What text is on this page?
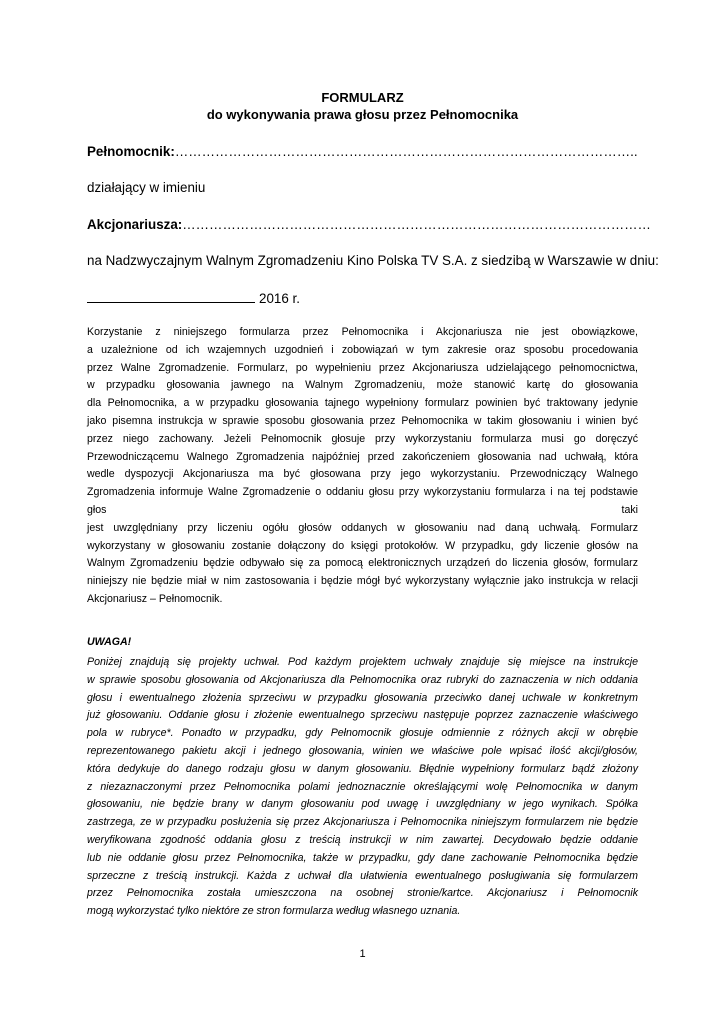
FORMULARZ
do wykonywania prawa głosu przez Pełnomocnika
Pełnomocnik:…………………………………………………………………………………………..
działający w imieniu
Akcjonariusza:……………………………………………………………………………………………
na Nadzwyczajnym Walnym Zgromadzeniu Kino Polska TV S.A. z siedzibą w Warszawie w dniu:
2016 r.
Korzystanie z niniejszego formularza przez Pełnomocnika i Akcjonariusza nie jest obowiązkowe,
a uzależnione od ich wzajemnych uzgodnień i zobowiązań w tym zakresie oraz sposobu procedowania
przez Walne Zgromadzenie. Formularz, po wypełnieniu przez Akcjonariusza udzielającego pełnomocnictwa,
w przypadku głosowania jawnego na Walnym Zgromadzeniu, może stanowić kartę do głosowania
dla Pełnomocnika, a w przypadku głosowania tajnego wypełniony formularz powinien być traktowany jedynie
jako pisemna instrukcja w sprawie sposobu głosowania przez Pełnomocnika w takim głosowaniu i winien być
przez niego zachowany. Jeżeli Pełnomocnik głosuje przy wykorzystaniu formularza musi go doręczyć
Przewodniczącemu Walnego Zgromadzenia najpóźniej przed zakończeniem głosowania nad uchwałą, która
wedle dyspozycji Akcjonariusza ma być głosowana przy jego wykorzystaniu. Przewodniczący Walnego
Zgromadzenia informuje Walne Zgromadzenie o oddaniu głosu przy wykorzystaniu formularza i na tej podstawie
głos taki
jest uwzględniany przy liczeniu ogółu głosów oddanych w głosowaniu nad daną uchwałą. Formularz
wykorzystany w głosowaniu zostanie dołączony do księgi protokołów. W przypadku, gdy liczenie głosów na
Walnym Zgromadzeniu będzie odbywało się za pomocą elektronicznych urządzeń do liczenia głosów, formularz
niniejszy nie będzie miał w nim zastosowania i będzie mógł być wykorzystany wyłącznie jako instrukcja w relacji
Akcjonariusz – Pełnomocnik.
UWAGA!
Poniżej znajdują się projekty uchwał. Pod każdym projektem uchwały znajduje się miejsce na instrukcje
w sprawie sposobu głosowania od Akcjonariusza dla Pełnomocnika oraz rubryki do zaznaczenia w nich oddania
głosu i ewentualnego złożenia sprzeciwu w przypadku głosowania przeciwko danej uchwale w konkretnym
już głosowaniu. Oddanie głosu i złożenie ewentualnego sprzeciwu następuje poprzez zaznaczenie właściwego
pola w rubryce*. Ponadto w przypadku, gdy Pełnomocnik głosuje odmiennie z różnych akcji w obrębie
reprezentowanego pakietu akcji i jednego głosowania, winien we właściwe pole wpisać ilość akcji/głosów,
która dedykuje do danego rodzaju głosu w danym głosowaniu. Błędnie wypełniony formularz bądź złożony
z niezaznaczonymi przez Pełnomocnika polami jednoznacznie określającymi wolę Pełnomocnika w danym
głosowaniu, nie będzie brany w danym głosowaniu pod uwagę i uwzględniany w jego wynikach. Spółka
zastrzega, ze w przypadku posłużenia się przez Akcjonariusza i Pełnomocnika niniejszym formularzem nie będzie
weryfikowana zgodność oddania głosu z treścią instrukcji w nim zawartej. Decydowało będzie oddanie
lub nie oddanie głosu przez Pełnomocnika, także w przypadku, gdy dane zachowanie Pełnomocnika będzie
sprzeczne z treścią instrukcji. Każda z uchwał dla ułatwienia ewentualnego posługiwania się formularzem
przez Pełnomocnika została umieszczona na osobnej stronie/kartce. Akcjonariusz i Pełnomocnik
mogą wykorzystać tylko niektóre ze stron formularza według własnego uznania.
1
